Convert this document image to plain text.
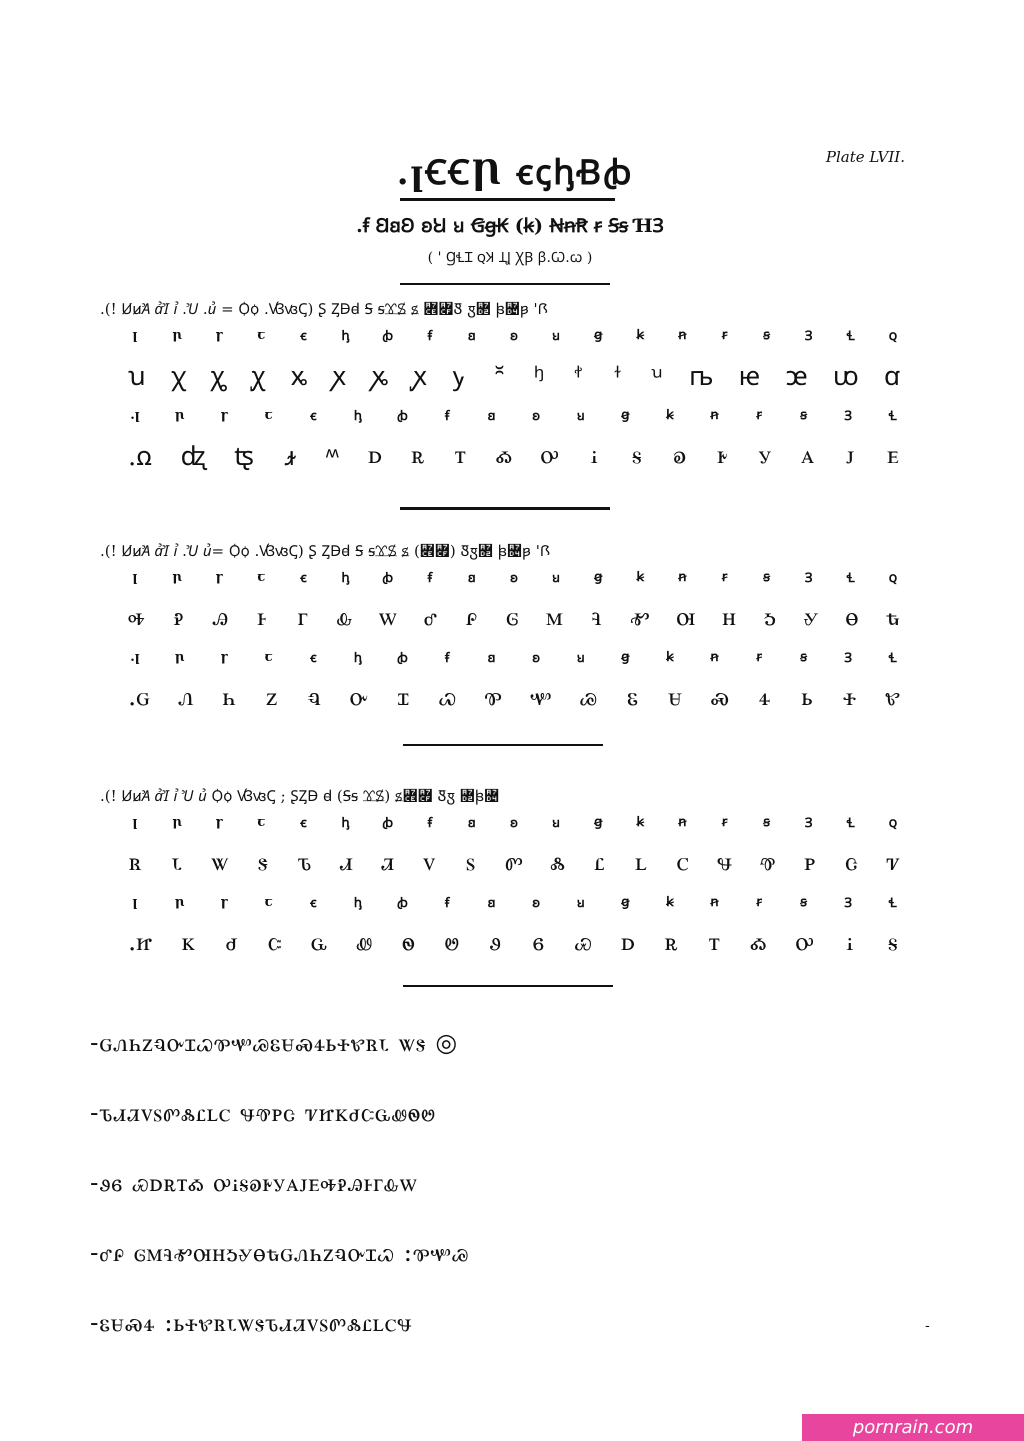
Plate LVII.
.ꞁꞒꞒꞂ ꞓꞔꞕꞖꞗ
.ꞙ ꞚꞛꞜ ꞝꞞ ꞟ ꞠꞡꞢ (ꞣ) ꞤꞥꞦ ꞧ Ꞩꞩ ꞪꞫ
( ' ꞬꞭꞮ ꞯꞰ ꞱꞲ ꞳꞴ ꞵ.Ꞷ.ꞷ )
.(! ꞸꞹꞺ ꞻꞼ ꞽ .Ꞿ .ꞿ = Ꟁꟁ .ꟂꟃꟄ) Ʂ ꟆꟇꟈ Ꟊ ꟊꟋꟌ ꟍ ꟎꟏Ꟑ ꟑ꟒ ꟓ꟔ꟕ 'Ꟗ
ꞁ	ꞃ	ꞅ	ꞇ	ꞓ	ꞕ	ꞗ	ꞙ	ꞛ	ꞝ	ꞟ	ꞡ	ꞣ	ꞥ	ꞧ	ꞩ	Ɜ	Ɬ	ꞯ
ꭒ ꭓ ꭔ ꭕ ꭖ ꭗ ꭘ ꭙ ꭚ ꭛ ꭜ ꭝ ꭞ ꭟ ꭠ ꭡ ꭢ ꭣ ꭤ
.ꞁ	ꞃ	ꞅ	ꞇ	ꞓ	ꞕ	ꞗ	ꞙ	ꞛ	ꞝ	ꞟ	ꞡ	ꞣ	ꞥ	ꞧ	ꞩ	Ɜ	Ɬ
.ꭥ ꭦ ꭧ ꭨ ꭩ ꭰ ꭱ ꭲ ꭳ ꭴ ꭵ ꭶ ꭷ ꭸ ꭹ ꭺ ꭻ ꭼ
.(! ꞸꞹꞺ ꞻꞼ ꞽ .Ꞿ ꞿ= Ꟁꟁ .ꟂꟃꟄ) Ʂ ꟆꟇꟈ Ꟊ ꟊꟋꟌ ꟍ (꟎꟏) Ꟑꟑ꟒ ꟓ꟔ꟕ 'Ꟗ
ꞁ	ꞃ	ꞅ	ꞇ	ꞓ	ꞕ	ꞗ	ꞙ	ꞛ	ꞝ	ꞟ	ꞡ	ꞣ	ꞥ	ꞧ	ꞩ	Ɜ	Ɬ	ꞯ
ꭽ ꭾ ꭿ ꮀ ꮁ ꮂ ꮃ ꮄ ꮅ ꮆ ꮇ ꮈ ꮉ ꮊ ꮋ ꮌ ꮍ ꮎ ꮏ
.ꞁ	ꞃ	ꞅ	ꞇ	ꞓ	ꞕ	ꞗ	ꞙ	ꞛ	ꞝ	ꞟ	ꞡ	ꞣ	ꞥ	ꞧ	ꞩ	Ɜ	Ɬ
.ꮐ ꮑ ꮒ ꮓ ꮔ ꮕ ꮖ ꮗ ꮘ ꮙ ꮚ ꮛ ꮜ ꮝ ꮞ ꮟ ꮠ ꮡ
.(! ꞸꞹꞺ ꞻꞼ ꞽ Ꞿ ꞿ Ꟁꟁ ꟂꟃꟄ ; ꟅꟆꟇ ꟈ (Ꟊꟊ ꟋꟌ) ꟍ꟎꟏ Ꟑꟑ ꟒ꟓ꟔
ꞁ	ꞃ	ꞅ	ꞇ	ꞓ	ꞕ	ꞗ	ꞙ	ꞛ	ꞝ	ꞟ	ꞡ	ꞣ	ꞥ	ꞧ	ꞩ	Ɜ	Ɬ	ꞯ
ꮢ ꮣ ꮤ ꮥ ꮦ ꮧ ꮨ ꮩ ꮪ ꮫ ꮬ ꮭ ꮮ ꮯ ꮰ ꮱ ꮲ ꮳ ꮴ
ꞁ	ꞃ	ꞅ	ꞇ	ꞓ	ꞕ	ꞗ	ꞙ	ꞛ	ꞝ	ꞟ	ꞡ	ꞣ	ꞥ	ꞧ	ꞩ	Ɜ	Ɬ
.ꮵ ꮶ ꮷ ꮸ ꮹ ꮺ ꮻ ꮼ ꮽ ꮾ ꮿ ꭰ ꭱ ꭲ ꭳ ꭴ ꭵ ꭶ
-ꮐꮑꮒꮓꮔꮕꮖꮗꮘꮙꮚꮛꮜꮝꮞꮟꮠꮡꮢꮣ ꮤꮥ ◎
-ꮦꮧꮨꮩꮪꮫꮬꮭꮮꮯ ꮰꮱꮲꮳ ꮴꮵꮶꮷꮸꮹꮺꮻꮼ
-ꮽꮾ ꮿꭰꭱꭲꭳ ꭴꭵꭶꭷꭸꭹꭺꭻꭼꭽꭾꭿꮀꮁꮂꮃ
-ꮄꮅ ꮆꮇꮈꮉꮊꮋꮌꮍꮎꮏꮐꮑꮒꮓꮔꮕꮖꮗ :ꮘꮙꮚ
-ꮛꮜꮝꮞ :ꮟꮠꮡꮢꮣꮤꮥꮦꮧꮨꮩꮪꮫꮬꮭꮮꮯꮰ	-
pornrain.com
